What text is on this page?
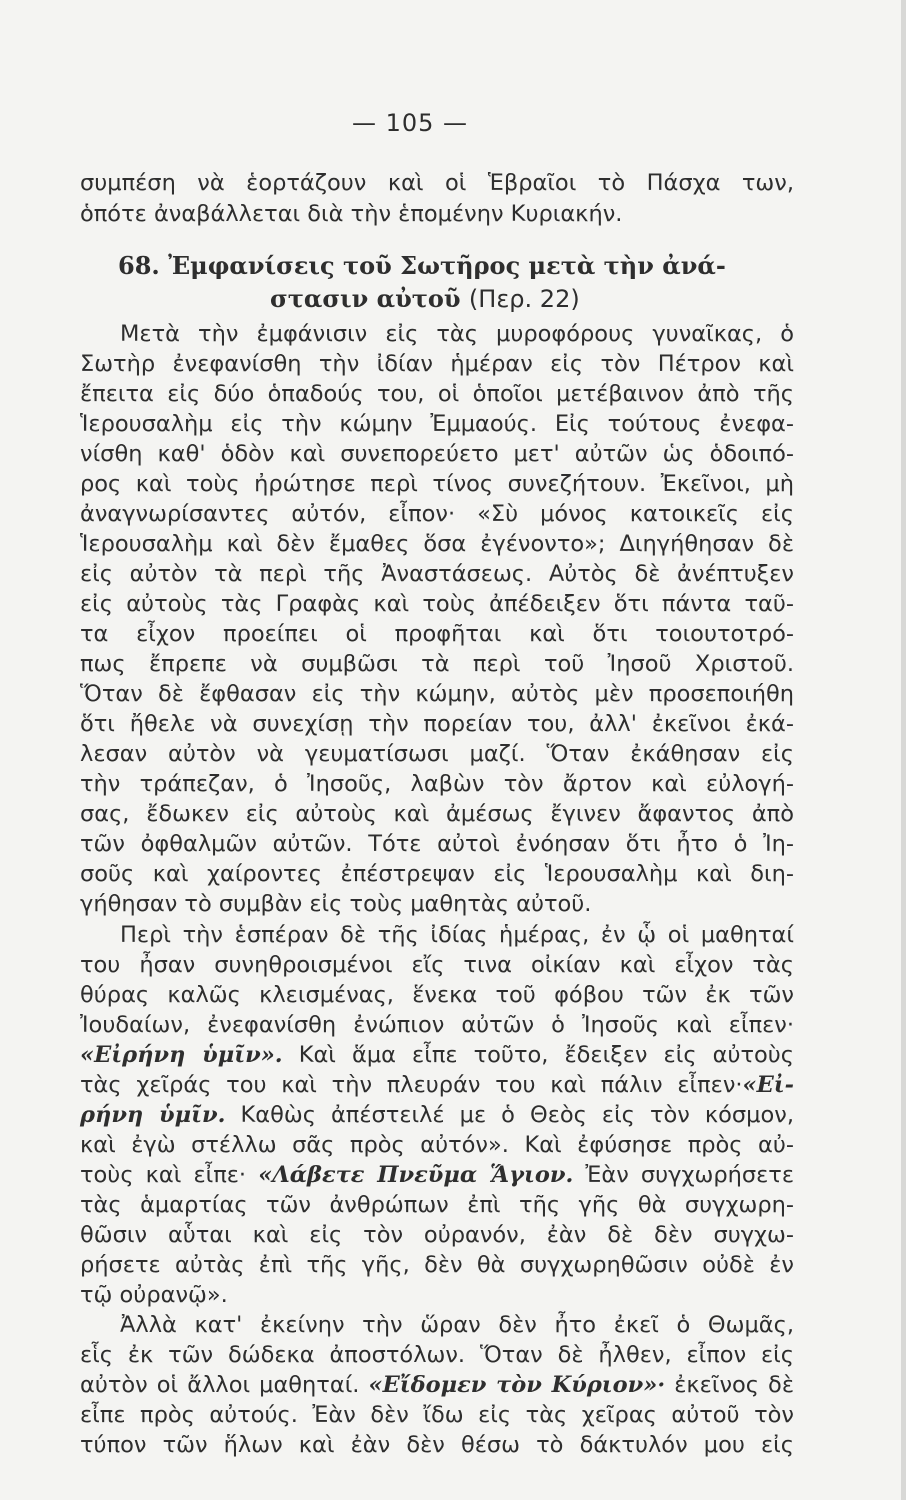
— 105 —
συμπέση νὰ ἑορτάζουν καὶ οἱ Ἑβραῖοι τὸ Πάσχα των,
ὁπότε ἀναβάλλεται διὰ τὴν ἑπομένην Κυριακήν.
68. Ἐμφανίσεις τοῦ Σωτῆρος μετὰ τὴν ἀνά-
στασιν αὐτοῦ (Περ. 22)
Μετὰ τὴν ἐμφάνισιν εἰς τὰς μυροφόρους γυναῖκας, ὁ
Σωτὴρ ἐνεφανίσθη τὴν ἰδίαν ἡμέραν εἰς τὸν Πέτρον καὶ
ἔπειτα εἰς δύο ὁπαδούς του, οἱ ὁποῖοι μετέβαινον ἀπὸ τῆς
Ἱερουσαλὴμ εἰς τὴν κώμην Ἐμμαούς. Εἰς τούτους ἐνεφα-
νίσθη καθ' ὁδὸν καὶ συνεπορεύετο μετ' αὐτῶν ὡς ὁδοιπό-
ρος καὶ τοὺς ἠρώτησε περὶ τίνος συνεζήτουν. Ἐκεῖνοι, μὴ
ἀναγνωρίσαντες αὐτόν, εἶπον· «Σὺ μόνος κατοικεῖς εἰς
Ἱερουσαλὴμ καὶ δὲν ἔμαθες ὅσα ἐγένοντο»; Διηγήθησαν δὲ
εἰς αὐτὸν τὰ περὶ τῆς Ἀναστάσεως. Αὐτὸς δὲ ἀνέπτυξεν
εἰς αὐτοὺς τὰς Γραφὰς καὶ τοὺς ἀπέδειξεν ὅτι πάντα ταῦ-
τα εἶχον προείπει οἱ προφῆται καὶ ὅτι τοιουτοτρό-
πως ἔπρεπε νὰ συμβῶσι τὰ περὶ τοῦ Ἰησοῦ Χριστοῦ.
Ὅταν δὲ ἔφθασαν εἰς τὴν κώμην, αὐτὸς μὲν προσεποιήθη
ὅτι ἤθελε νὰ συνεχίσῃ τὴν πορείαν του, ἀλλ' ἐκεῖνοι ἐκά-
λεσαν αὐτὸν νὰ γευματίσωσι μαζί. Ὅταν ἐκάθησαν εἰς
τὴν τράπεζαν, ὁ Ἰησοῦς, λαβὼν τὸν ἄρτον καὶ εὐλογή-
σας, ἔδωκεν εἰς αὐτοὺς καὶ ἀμέσως ἔγινεν ἄφαντος ἀπὸ
τῶν ὀφθαλμῶν αὐτῶν. Τότε αὐτοὶ ἐνόησαν ὅτι ἦτο ὁ Ἰη-
σοῦς καὶ χαίροντες ἐπέστρεψαν εἰς Ἱερουσαλὴμ καὶ διη-
γήθησαν τὸ συμβὰν εἰς τοὺς μαθητὰς αὐτοῦ.
Περὶ τὴν ἑσπέραν δὲ τῆς ἰδίας ἡμέρας, ἐν ᾧ οἱ μαθηταί
του ἦσαν συνηθροισμένοι εἴς τινα οἰκίαν καὶ εἶχον τὰς
θύρας καλῶς κλεισμένας, ἕνεκα τοῦ φόβου τῶν ἐκ τῶν
Ἰουδαίων, ἐνεφανίσθη ἐνώπιον αὐτῶν ὁ Ἰησοῦς καὶ εἶπεν·
«Εἰρήνη ὑμῖν». Καὶ ἅμα εἶπε τοῦτο, ἔδειξεν εἰς αὐτοὺς
τὰς χεῖράς του καὶ τὴν πλευράν του καὶ πάλιν εἶπεν·«Εἰ-
ρήνη ὑμῖν. Καθὼς ἀπέστειλέ με ὁ Θεὸς εἰς τὸν κόσμον,
καὶ ἐγὼ στέλλω σᾶς πρὸς αὐτόν». Καὶ ἐφύσησε πρὸς αὐ-
τοὺς καὶ εἶπε· «Λάβετε Πνεῦμα Ἅγιον. Ἐὰν συγχωρήσετε
τὰς ἁμαρτίας τῶν ἀνθρώπων ἐπὶ τῆς γῆς θὰ συγχωρη-
θῶσιν αὗται καὶ εἰς τὸν οὐρανόν, ἐὰν δὲ δὲν συγχω-
ρήσετε αὐτὰς ἐπὶ τῆς γῆς, δὲν θὰ συγχωρηθῶσιν οὐδὲ ἐν
τῷ οὐρανῷ».
Ἀλλὰ κατ' ἐκείνην τὴν ὥραν δὲν ἦτο ἐκεῖ ὁ Θωμᾶς,
εἷς ἐκ τῶν δώδεκα ἀποστόλων. Ὅταν δὲ ἦλθεν, εἶπον εἰς
αὐτὸν οἱ ἄλλοι μαθηταί. «Εἴδομεν τὸν Κύριον»· ἐκεῖνος δὲ
εἶπε πρὸς αὐτούς. Ἐὰν δὲν ἴδω εἰς τὰς χεῖρας αὐτοῦ τὸν
τύπον τῶν ἥλων καὶ ἐὰν δὲν θέσω τὸ δάκτυλόν μου εἰς
